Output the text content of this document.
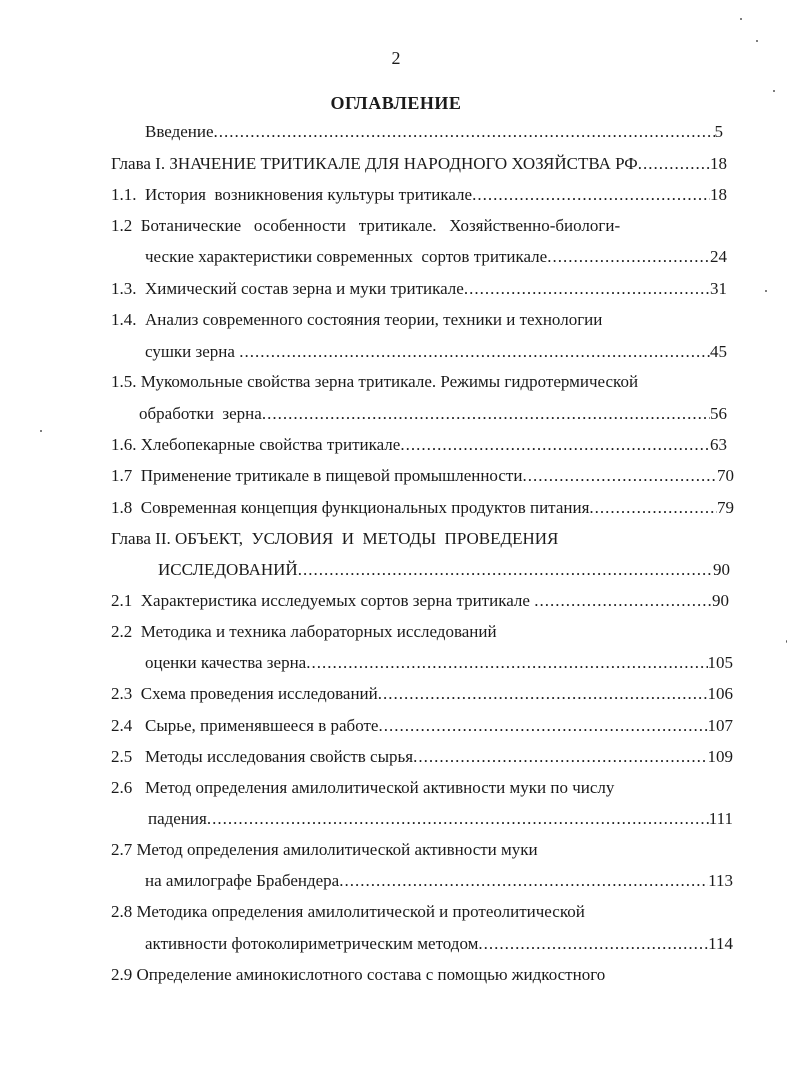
2
ОГЛАВЛЕНИЕ
Введение .....	5
Глава I. ЗНАЧЕНИЕ ТРИТИКАЛЕ ДЛЯ НАРОДНОГО ХОЗЯЙСТВА РФ .....	18
1.1.  История  возникновения культуры тритикале .....	18
1.2  Ботанические   особенности   тритикале.   Хозяйственно-биологи-
ческие характеристики современных  сортов тритикале .....	24
1.3.  Химический состав зерна и муки тритикале .....	31
1.4.  Анализ современного состояния теории, техники и технологии
сушки зерна .....	45
1.5. Мукомольные свойства зерна тритикале. Режимы гидротермической
обработки  зерна .....	56
1.6. Хлебопекарные свойства тритикале .....	63
1.7  Применение тритикале в пищевой промышленности .....	70
1.8  Современная концепция функциональных продуктов питания .....	79
Глава II. ОБЪЕКТ,  УСЛОВИЯ  И  МЕТОДЫ  ПРОВЕДЕНИЯ
ИССЛЕДОВАНИЙ .....	90
2.1  Характеристика исследуемых сортов зерна тритикале .....	90
2.2  Методика и техника лабораторных исследований
оценки качества зерна .....	105
2.3  Схема проведения исследований .....	106
2.4   Сырье, применявшееся в работе .....	107
2.5   Методы исследования свойств сырья .....	109
2.6   Метод определения амилолитической активности муки по числу
падения .....	111
2.7 Метод определения амилолитической активности муки
на амилографе Брабендера .....	113
2.8 Методика определения амилолитической и протеолитической
активности фотоколириметрическим методом .....	114
2.9 Определение аминокислотного состава с помощью жидкостного
